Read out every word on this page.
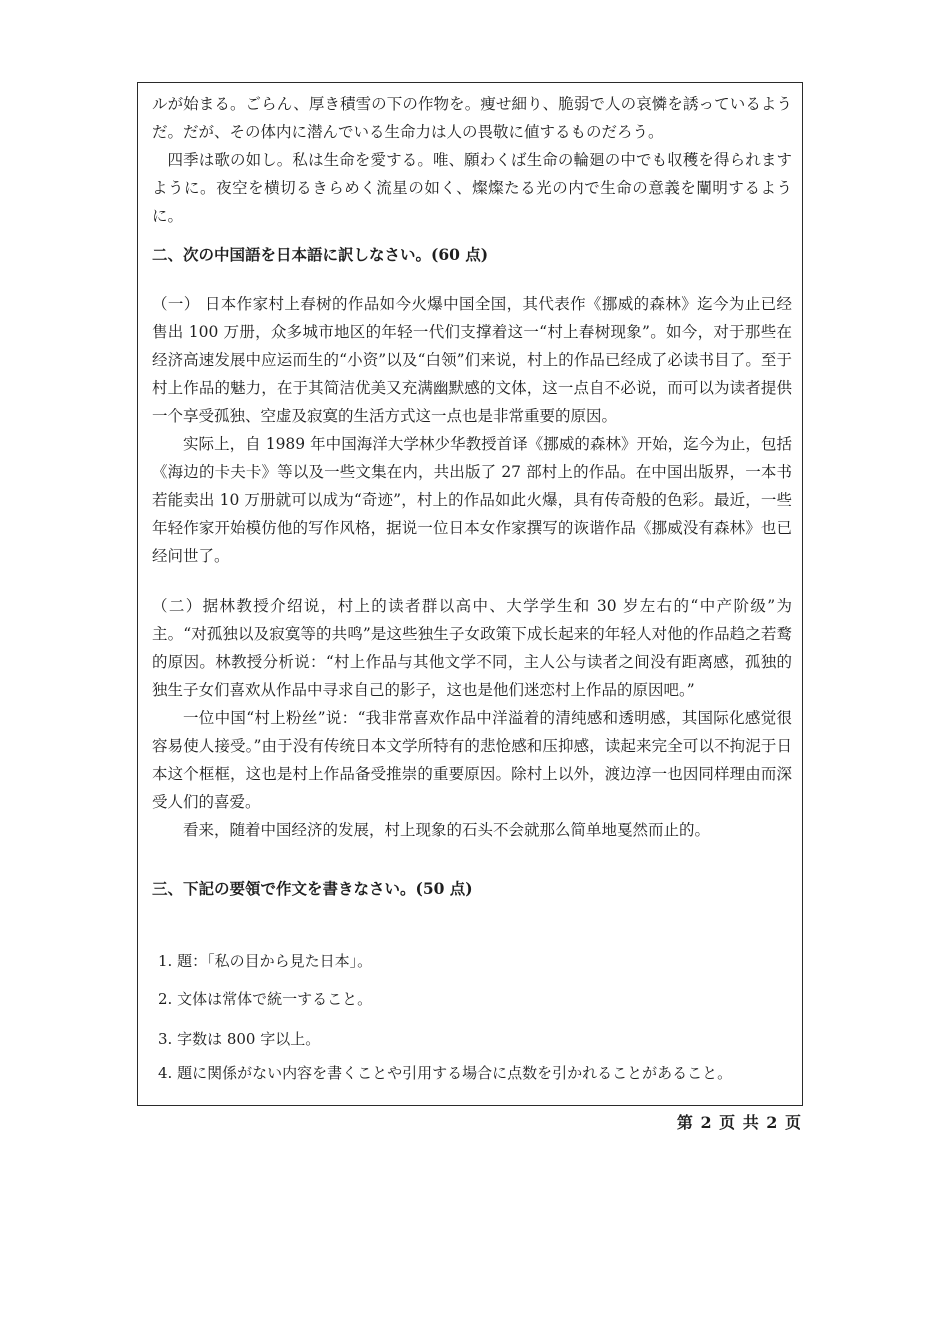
ルが始まる。ごらん、厚き積雪の下の作物を。痩せ細り、脆弱で人の哀憐を誘っているようだ。だが、その体内に潜んでいる生命力は人の畏敬に値するものだろう。

四季は歌の如し。私は生命を愛する。唯、願わくば生命の輪廻の中でも収穫を得られますように。夜空を横切るきらめく流星の如く、燦燦たる光の内で生命の意義を闡明するように。

二、次の中国語を日本語に訳しなさい。(60 点)

（一） 日本作家村上春树的作品如今火爆中国全国，其代表作《挪威的森林》迄今为止已经售出 100 万册，众多城市地区的年轻一代们支撑着这一“村上春树现象”。如今，对于那些在经济高速发展中应运而生的“小资”以及“白领”们来说，村上的作品已经成了必读书目了。至于村上作品的魅力，在于其简洁优美又充满幽默感的文体，这一点自不必说，而可以为读者提供一个享受孤独、空虚及寂寞的生活方式这一点也是非常重要的原因。

实际上，自 1989 年中国海洋大学林少华教授首译《挪威的森林》开始，迄今为止，包括《海边的卡夫卡》等以及一些文集在内，共出版了 27 部村上的作品。在中国出版界，一本书若能卖出 10 万册就可以成为“奇迹”，村上的作品如此火爆，具有传奇般的色彩。最近，一些年轻作家开始模仿他的写作风格，据说一位日本女作家撰写的诙谐作品《挪威没有森林》也已经问世了。

（二）据林教授介绍说，村上的读者群以高中、大学学生和 30 岁左右的“中产阶级”为主。“对孤独以及寂寞等的共鸣”是这些独生子女政策下成长起来的年轻人对他的作品趋之若鹜的原因。林教授分析说：“村上作品与其他文学不同，主人公与读者之间没有距离感，孤独的独生子女们喜欢从作品中寻求自己的影子，这也是他们迷恋村上作品的原因吧。”

一位中国“村上粉丝”说：“我非常喜欢作品中洋溢着的清纯感和透明感，其国际化感觉很容易使人接受。”由于没有传统日本文学所特有的悲怆感和压抑感，读起来完全可以不拘泥于日本这个框框，这也是村上作品备受推崇的重要原因。除村上以外，渡边淳一也因同样理由而深受人们的喜爱。

看来，随着中国经济的发展，村上现象的石头不会就那么简单地戛然而止的。

三、下記の要領で作文を書きなさい。(50 点)
1. 題：「私の目から見た日本」。
2. 文体は常体で統一すること。
3. 字数は 800 字以上。
4. 題に関係がない内容を書くことや引用する場合に点数を引かれることがあること。
第 2 页 共 2 页
